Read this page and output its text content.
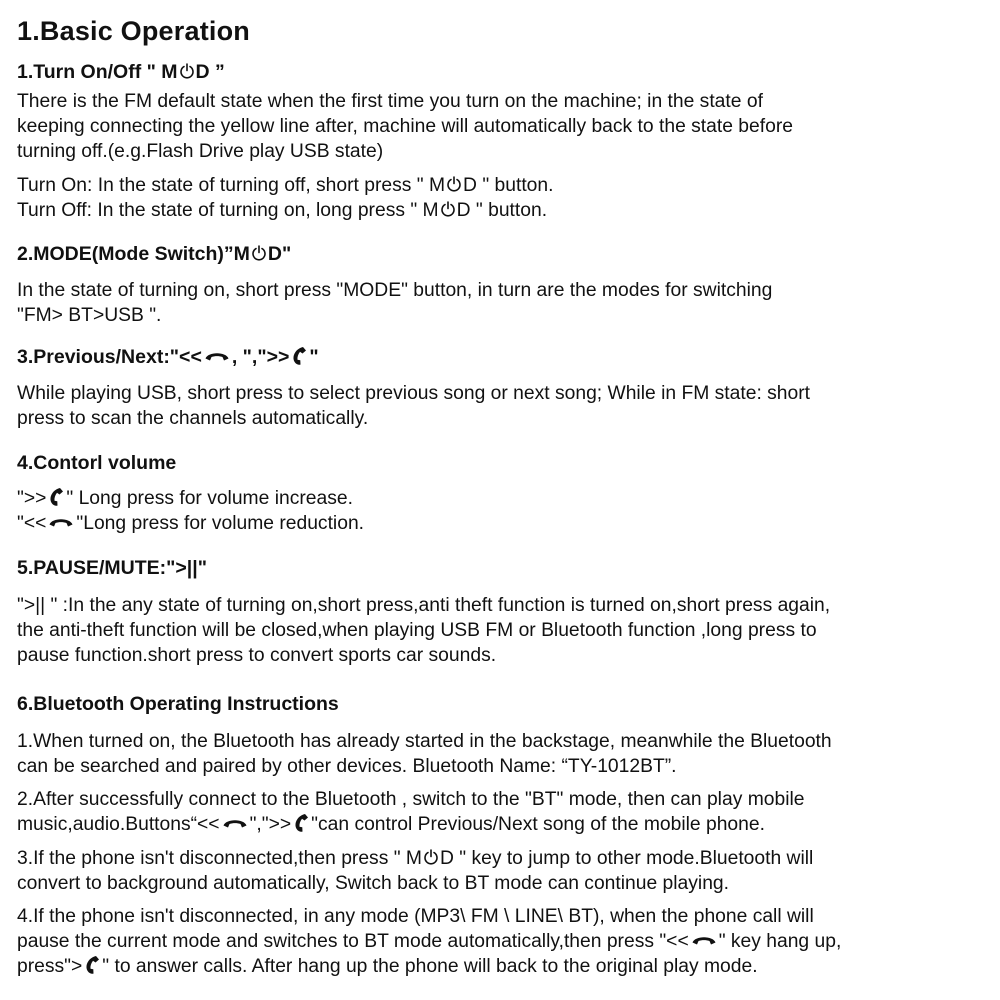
1.Basic Operation
1.Turn On/Off " M D ”
There is the FM default state when the first time you turn on the machine; in the state of
keeping connecting the yellow line after, machine will automatically back to the state before
turning off.(e.g.Flash Drive play USB state)
Turn On: In the state of turning off, short press " M D " button.
Turn Off: In the state of turning on, long press " M D " button.
2.MODE(Mode Switch)”M D"
In the state of turning on, short press "MODE" button, in turn are the modes for switching
"FM> BT>USB ".
3.Previous/Next:"<< , ",">> "
While playing USB, short press to select previous song or next song; While in FM state: short
press to scan the channels automatically.
4.Contorl volume
">> " Long press for volume increase.
"<< "Long press for volume reduction.
5.PAUSE/MUTE:">||"
">|| " :In the any state of turning on,short press,anti theft function is turned on,short press again,
the anti-theft function will be closed,when playing USB FM or Bluetooth function ,long press to
pause function.short press to convert sports car sounds.
6.Bluetooth Operating Instructions
1.When turned on, the Bluetooth has already started in the backstage, meanwhile the Bluetooth
can be searched and paired by other devices. Bluetooth Name: “TY-1012BT”.
2.After successfully connect to the Bluetooth , switch to the "BT" mode, then can play mobile
music,audio.Buttons“<< ",">> "can control Previous/Next song of the mobile phone.
3.If the phone isn't disconnected,then press " M D " key to jump to other mode.Bluetooth will
convert to background automatically, Switch back to BT mode can continue playing.
4.If the phone isn't disconnected, in any mode (MP3\ FM \ LINE\ BT), when the phone call will
pause the current mode and switches to BT mode automatically,then press "<< " key hang up,
press"> " to answer calls. After hang up the phone will back to the original play mode.
